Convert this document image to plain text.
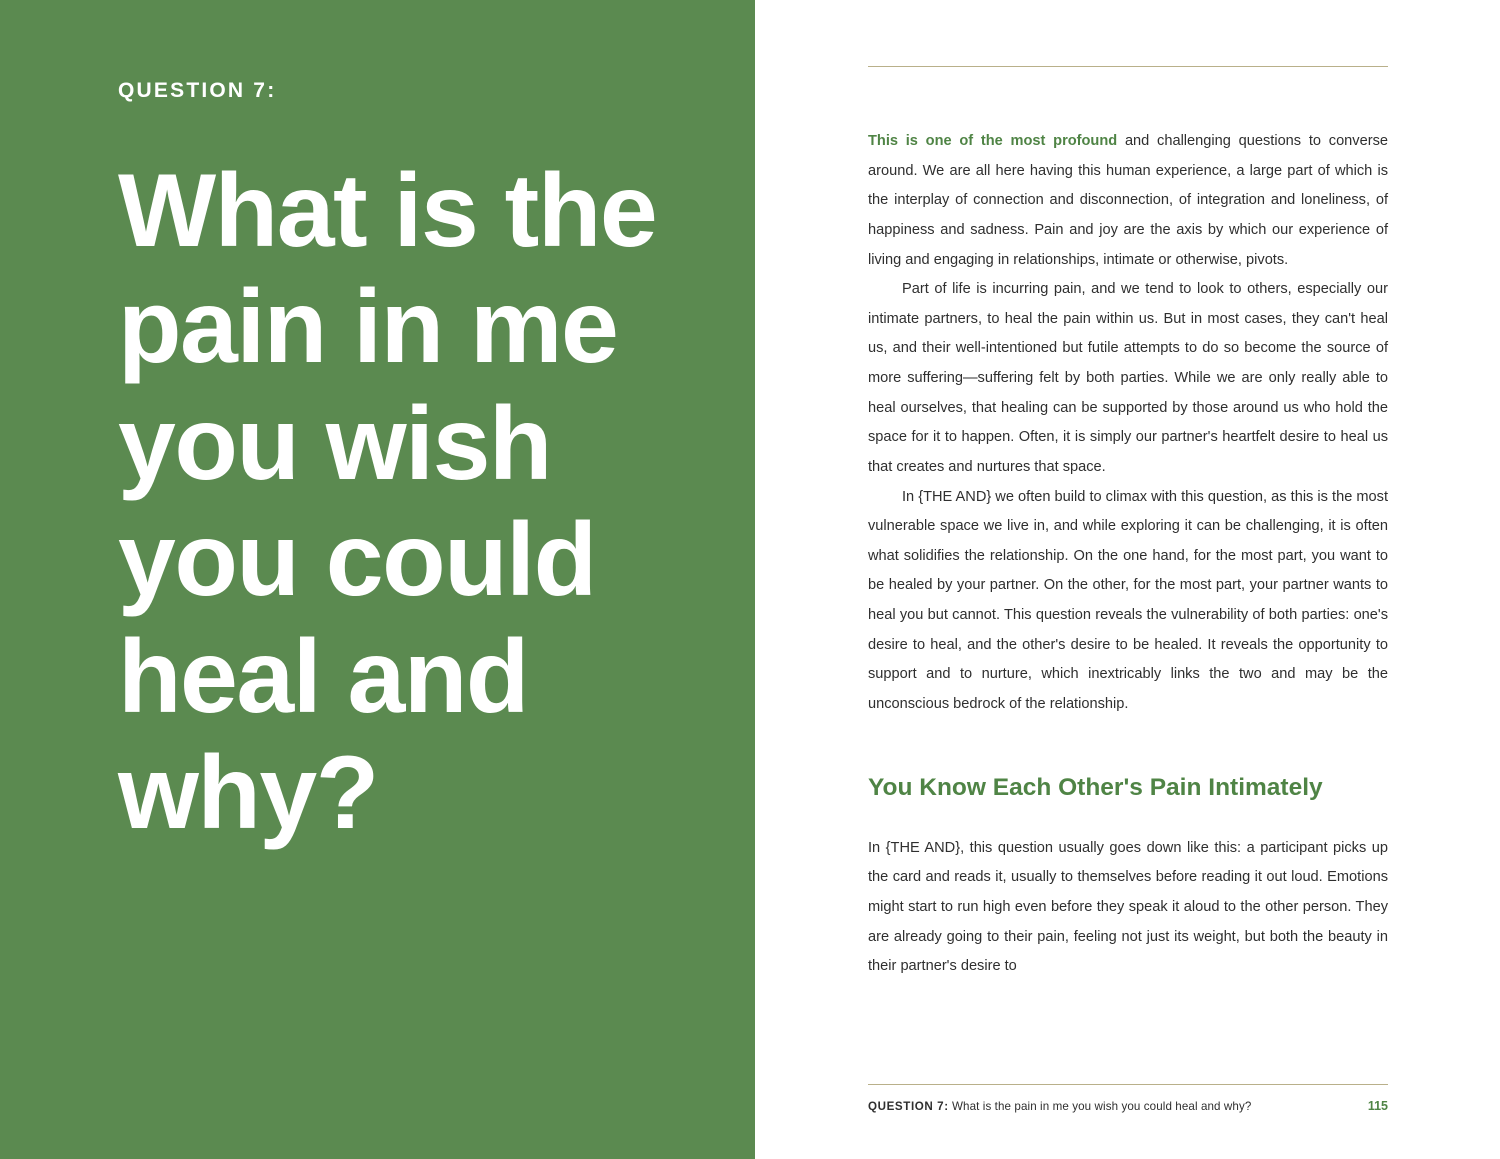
QUESTION 7:
What is the pain in me you wish you could heal and why?

This is one of the most profound and challenging questions to converse around. We are all here having this human experience, a large part of which is the interplay of connection and disconnection, of integration and loneliness, of happiness and sadness. Pain and joy are the axis by which our experience of living and engaging in relationships, intimate or otherwise, pivots.

Part of life is incurring pain, and we tend to look to others, especially our intimate partners, to heal the pain within us. But in most cases, they can't heal us, and their well-intentioned but futile attempts to do so become the source of more suffering—suffering felt by both parties. While we are only really able to heal ourselves, that healing can be supported by those around us who hold the space for it to happen. Often, it is simply our partner's heartfelt desire to heal us that creates and nurtures that space.

In {THE AND} we often build to climax with this question, as this is the most vulnerable space we live in, and while exploring it can be challenging, it is often what solidifies the relationship. On the one hand, for the most part, you want to be healed by your partner. On the other, for the most part, your partner wants to heal you but cannot. This question reveals the vulnerability of both parties: one's desire to heal, and the other's desire to be healed. It reveals the opportunity to support and to nurture, which inextricably links the two and may be the unconscious bedrock of the relationship.

You Know Each Other's Pain Intimately

In {THE AND}, this question usually goes down like this: a participant picks up the card and reads it, usually to themselves before reading it out loud. Emotions might start to run high even before they speak it aloud to the other person. They are already going to their pain, feeling not just its weight, but both the beauty in their partner's desire to

QUESTION 7: What is the pain in me you wish you could heal and why?	115
